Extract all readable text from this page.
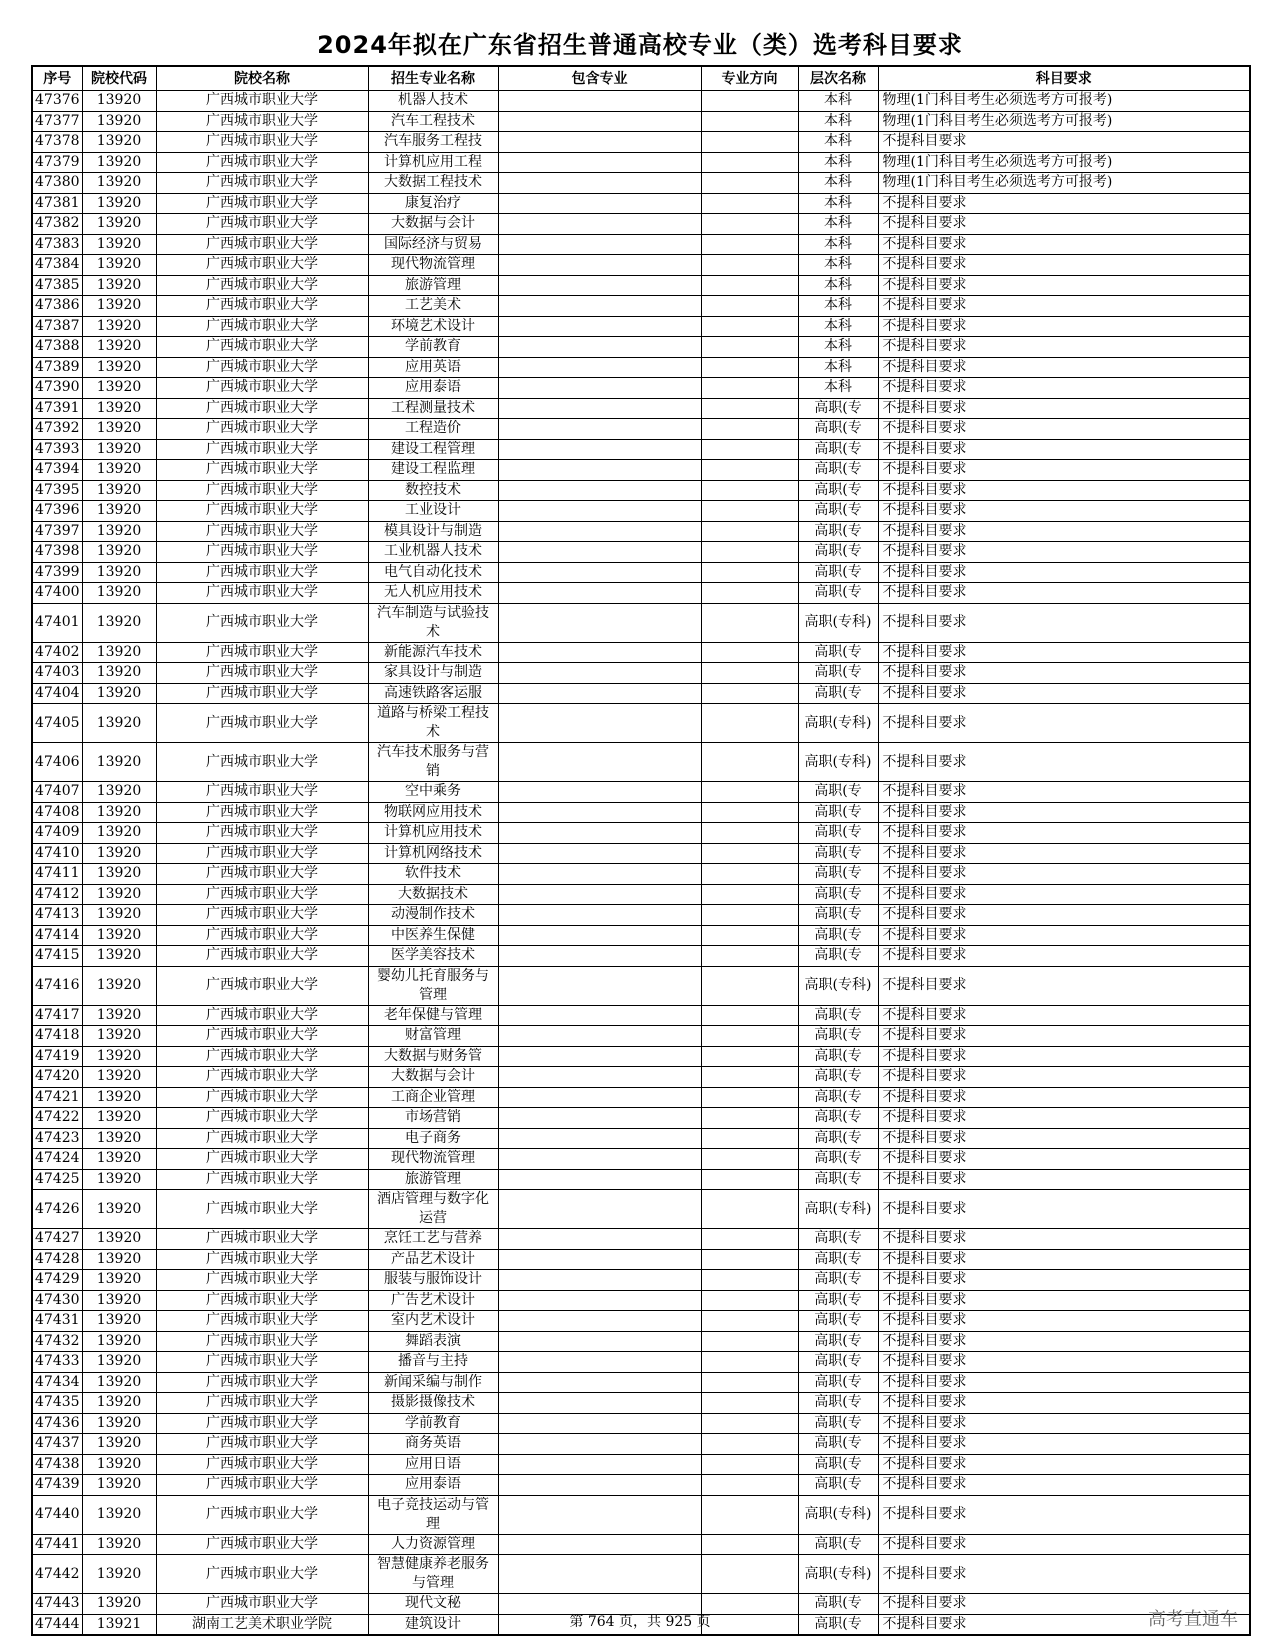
2024年拟在广东省招生普通高校专业（类）选考科目要求
序号	院校代码	院校名称	招生专业名称	包含专业	专业方向	层次名称	科目要求
47376	13920	广西城市职业大学	机器人技术			本科	物理(1门科目考生必须选考方可报考)
47377	13920	广西城市职业大学	汽车工程技术			本科	物理(1门科目考生必须选考方可报考)
47378	13920	广西城市职业大学	汽车服务工程技			本科	不提科目要求
47379	13920	广西城市职业大学	计算机应用工程			本科	物理(1门科目考生必须选考方可报考)
47380	13920	广西城市职业大学	大数据工程技术			本科	物理(1门科目考生必须选考方可报考)
47381	13920	广西城市职业大学	康复治疗			本科	不提科目要求
47382	13920	广西城市职业大学	大数据与会计			本科	不提科目要求
47383	13920	广西城市职业大学	国际经济与贸易			本科	不提科目要求
47384	13920	广西城市职业大学	现代物流管理			本科	不提科目要求
47385	13920	广西城市职业大学	旅游管理			本科	不提科目要求
47386	13920	广西城市职业大学	工艺美术			本科	不提科目要求
47387	13920	广西城市职业大学	环境艺术设计			本科	不提科目要求
47388	13920	广西城市职业大学	学前教育			本科	不提科目要求
47389	13920	广西城市职业大学	应用英语			本科	不提科目要求
47390	13920	广西城市职业大学	应用泰语			本科	不提科目要求
47391	13920	广西城市职业大学	工程测量技术			高职(专	不提科目要求
47392	13920	广西城市职业大学	工程造价			高职(专	不提科目要求
47393	13920	广西城市职业大学	建设工程管理			高职(专	不提科目要求
47394	13920	广西城市职业大学	建设工程监理			高职(专	不提科目要求
47395	13920	广西城市职业大学	数控技术			高职(专	不提科目要求
47396	13920	广西城市职业大学	工业设计			高职(专	不提科目要求
47397	13920	广西城市职业大学	模具设计与制造			高职(专	不提科目要求
47398	13920	广西城市职业大学	工业机器人技术			高职(专	不提科目要求
47399	13920	广西城市职业大学	电气自动化技术			高职(专	不提科目要求
47400	13920	广西城市职业大学	无人机应用技术			高职(专	不提科目要求
47401	13920	广西城市职业大学	汽车制造与试验技术			高职(专科)	不提科目要求
47402	13920	广西城市职业大学	新能源汽车技术			高职(专	不提科目要求
47403	13920	广西城市职业大学	家具设计与制造			高职(专	不提科目要求
47404	13920	广西城市职业大学	高速铁路客运服			高职(专	不提科目要求
47405	13920	广西城市职业大学	道路与桥梁工程技术			高职(专科)	不提科目要求
47406	13920	广西城市职业大学	汽车技术服务与营销			高职(专科)	不提科目要求
47407	13920	广西城市职业大学	空中乘务			高职(专	不提科目要求
47408	13920	广西城市职业大学	物联网应用技术			高职(专	不提科目要求
47409	13920	广西城市职业大学	计算机应用技术			高职(专	不提科目要求
47410	13920	广西城市职业大学	计算机网络技术			高职(专	不提科目要求
47411	13920	广西城市职业大学	软件技术			高职(专	不提科目要求
47412	13920	广西城市职业大学	大数据技术			高职(专	不提科目要求
47413	13920	广西城市职业大学	动漫制作技术			高职(专	不提科目要求
47414	13920	广西城市职业大学	中医养生保健			高职(专	不提科目要求
47415	13920	广西城市职业大学	医学美容技术			高职(专	不提科目要求
47416	13920	广西城市职业大学	婴幼儿托育服务与管理			高职(专科)	不提科目要求
47417	13920	广西城市职业大学	老年保健与管理			高职(专	不提科目要求
47418	13920	广西城市职业大学	财富管理			高职(专	不提科目要求
47419	13920	广西城市职业大学	大数据与财务管			高职(专	不提科目要求
47420	13920	广西城市职业大学	大数据与会计			高职(专	不提科目要求
47421	13920	广西城市职业大学	工商企业管理			高职(专	不提科目要求
47422	13920	广西城市职业大学	市场营销			高职(专	不提科目要求
47423	13920	广西城市职业大学	电子商务			高职(专	不提科目要求
47424	13920	广西城市职业大学	现代物流管理			高职(专	不提科目要求
47425	13920	广西城市职业大学	旅游管理			高职(专	不提科目要求
47426	13920	广西城市职业大学	酒店管理与数字化运营			高职(专科)	不提科目要求
47427	13920	广西城市职业大学	烹饪工艺与营养			高职(专	不提科目要求
47428	13920	广西城市职业大学	产品艺术设计			高职(专	不提科目要求
47429	13920	广西城市职业大学	服装与服饰设计			高职(专	不提科目要求
47430	13920	广西城市职业大学	广告艺术设计			高职(专	不提科目要求
47431	13920	广西城市职业大学	室内艺术设计			高职(专	不提科目要求
47432	13920	广西城市职业大学	舞蹈表演			高职(专	不提科目要求
47433	13920	广西城市职业大学	播音与主持			高职(专	不提科目要求
47434	13920	广西城市职业大学	新闻采编与制作			高职(专	不提科目要求
47435	13920	广西城市职业大学	摄影摄像技术			高职(专	不提科目要求
47436	13920	广西城市职业大学	学前教育			高职(专	不提科目要求
47437	13920	广西城市职业大学	商务英语			高职(专	不提科目要求
47438	13920	广西城市职业大学	应用日语			高职(专	不提科目要求
47439	13920	广西城市职业大学	应用泰语			高职(专	不提科目要求
47440	13920	广西城市职业大学	电子竞技运动与管理			高职(专科)	不提科目要求
47441	13920	广西城市职业大学	人力资源管理			高职(专	不提科目要求
47442	13920	广西城市职业大学	智慧健康养老服务与管理			高职(专科)	不提科目要求
47443	13920	广西城市职业大学	现代文秘			高职(专	不提科目要求
47444	13921	湖南工艺美术职业学院	建筑设计			高职(专	不提科目要求
第 764 页，共 925 页	高考直通车
